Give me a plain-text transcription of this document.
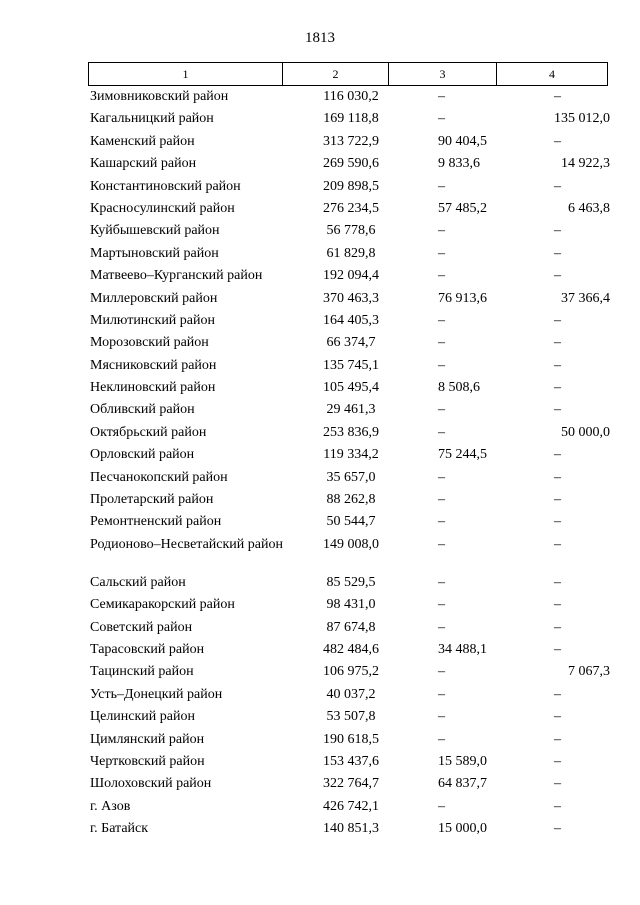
1813
1	2	3	4
Зимовниковский район	116 030,2	–	–
Кагальницкий район	169 118,8	–	135 012,0
Каменский район	313 722,9	90 404,5	–
Кашарский район	269 590,6	9 833,6	14 922,3
Константиновский район	209 898,5	–	–
Красносулинский район	276 234,5	57 485,2	6 463,8
Куйбышевский район	56 778,6	–	–
Мартыновский район	61 829,8	–	–
Матвеево–Курганский район	192 094,4	–	–
Миллеровский район	370 463,3	76 913,6	37 366,4
Милютинский район	164 405,3	–	–
Морозовский район	66 374,7	–	–
Мясниковский район	135 745,1	–	–
Неклиновский район	105 495,4	8 508,6	–
Обливский район	29 461,3	–	–
Октябрьский район	253 836,9	–	50 000,0
Орловский район	119 334,2	75 244,5	–
Песчанокопский район	35 657,0	–	–
Пролетарский район	88 262,8	–	–
Ремонтненский район	50 544,7	–	–
Родионово–Несветайский район	149 008,0	–	–
Сальский район	85 529,5	–	–
Семикаракорский район	98 431,0	–	–
Советский район	87 674,8	–	–
Тарасовский район	482 484,6	34 488,1	–
Тацинский район	106 975,2	–	7 067,3
Усть–Донецкий район	40 037,2	–	–
Целинский район	53 507,8	–	–
Цимлянский район	190 618,5	–	–
Чертковский район	153 437,6	15 589,0	–
Шолоховский район	322 764,7	64 837,7	–
г. Азов	426 742,1	–	–
г. Батайск	140 851,3	15 000,0	–
